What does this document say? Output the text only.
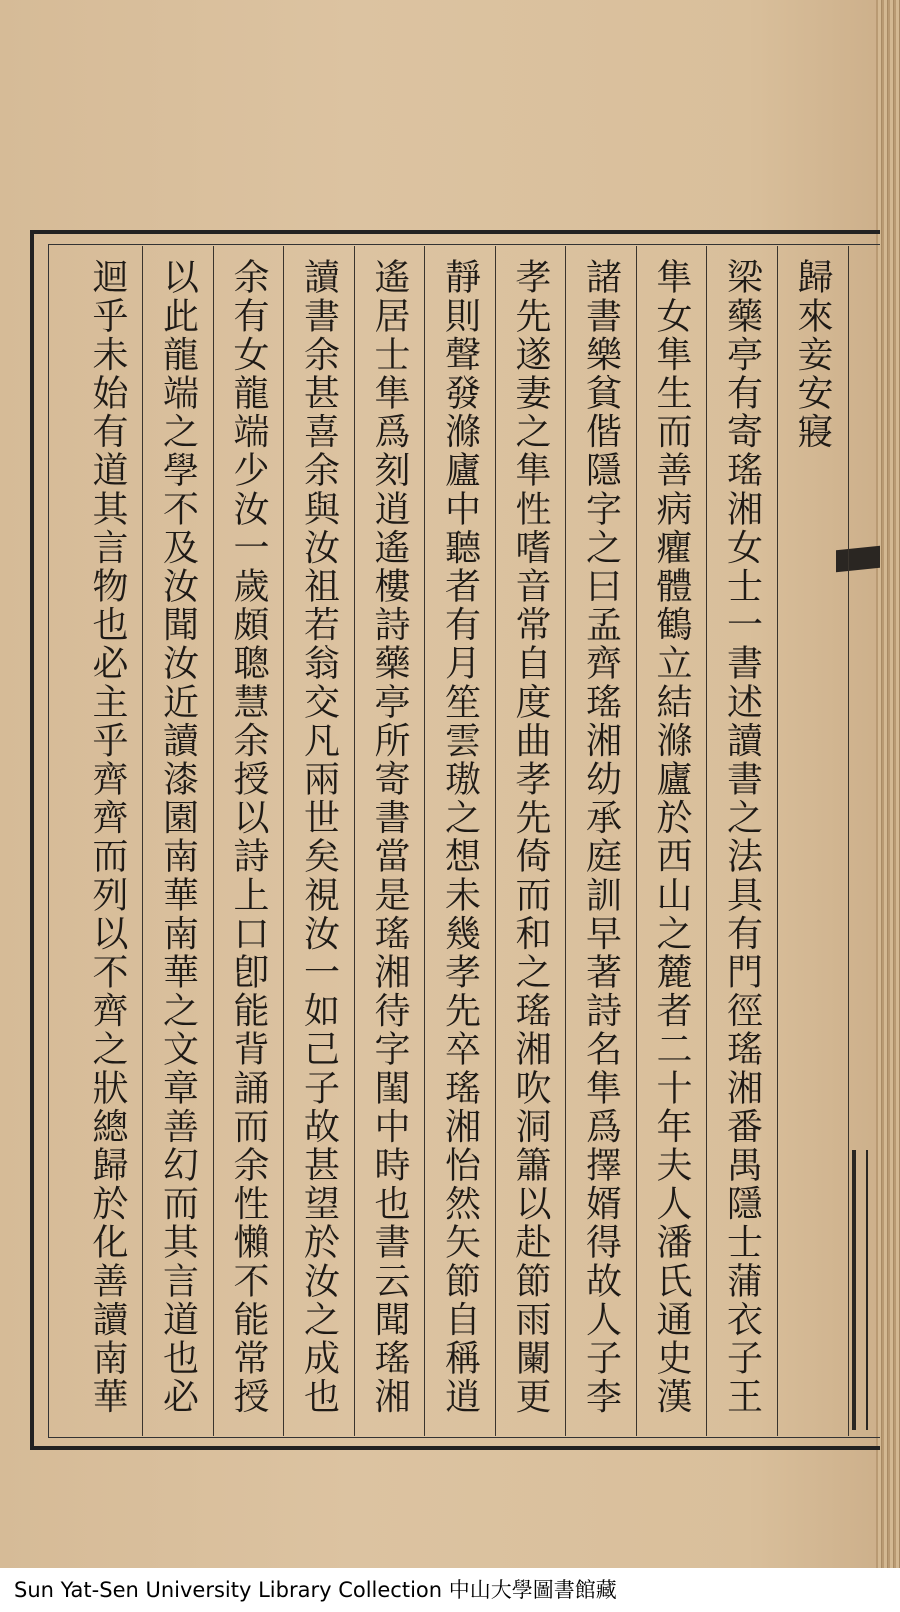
歸來妾安寢
梁藥亭有寄瑤湘女士一書述讀書之法具有門徑瑤湘番禺隱士蒲衣子王
隼女隼生而善病癯體鶴立結滌廬於西山之麓者二十年夫人潘氏通史漢
諸書樂貧偕隱字之曰孟齊瑤湘幼承庭訓早著詩名隼爲擇婿得故人子李
孝先遂妻之隼性嗜音常自度曲孝先倚而和之瑤湘吹洞簫以赴節雨闌更
靜則聲發滌廬中聽者有月笙雲璈之想未幾孝先卒瑤湘怡然矢節自稱逍
遙居士隼爲刻逍遙樓詩藥亭所寄書當是瑤湘待字閨中時也書云聞瑤湘
讀書余甚喜余與汝祖若翁交凡兩世矣視汝一如己子故甚望於汝之成也
余有女龍端少汝一歲頗聰慧余授以詩上口卽能背誦而余性懶不能常授
以此龍端之學不及汝聞汝近讀漆園南華南華之文章善幻而其言道也必
迴乎未始有道其言物也必主乎齊齊而列以不齊之狀總歸於化善讀南華
Sun Yat-Sen University Library Collection 中山大學圖書館藏
